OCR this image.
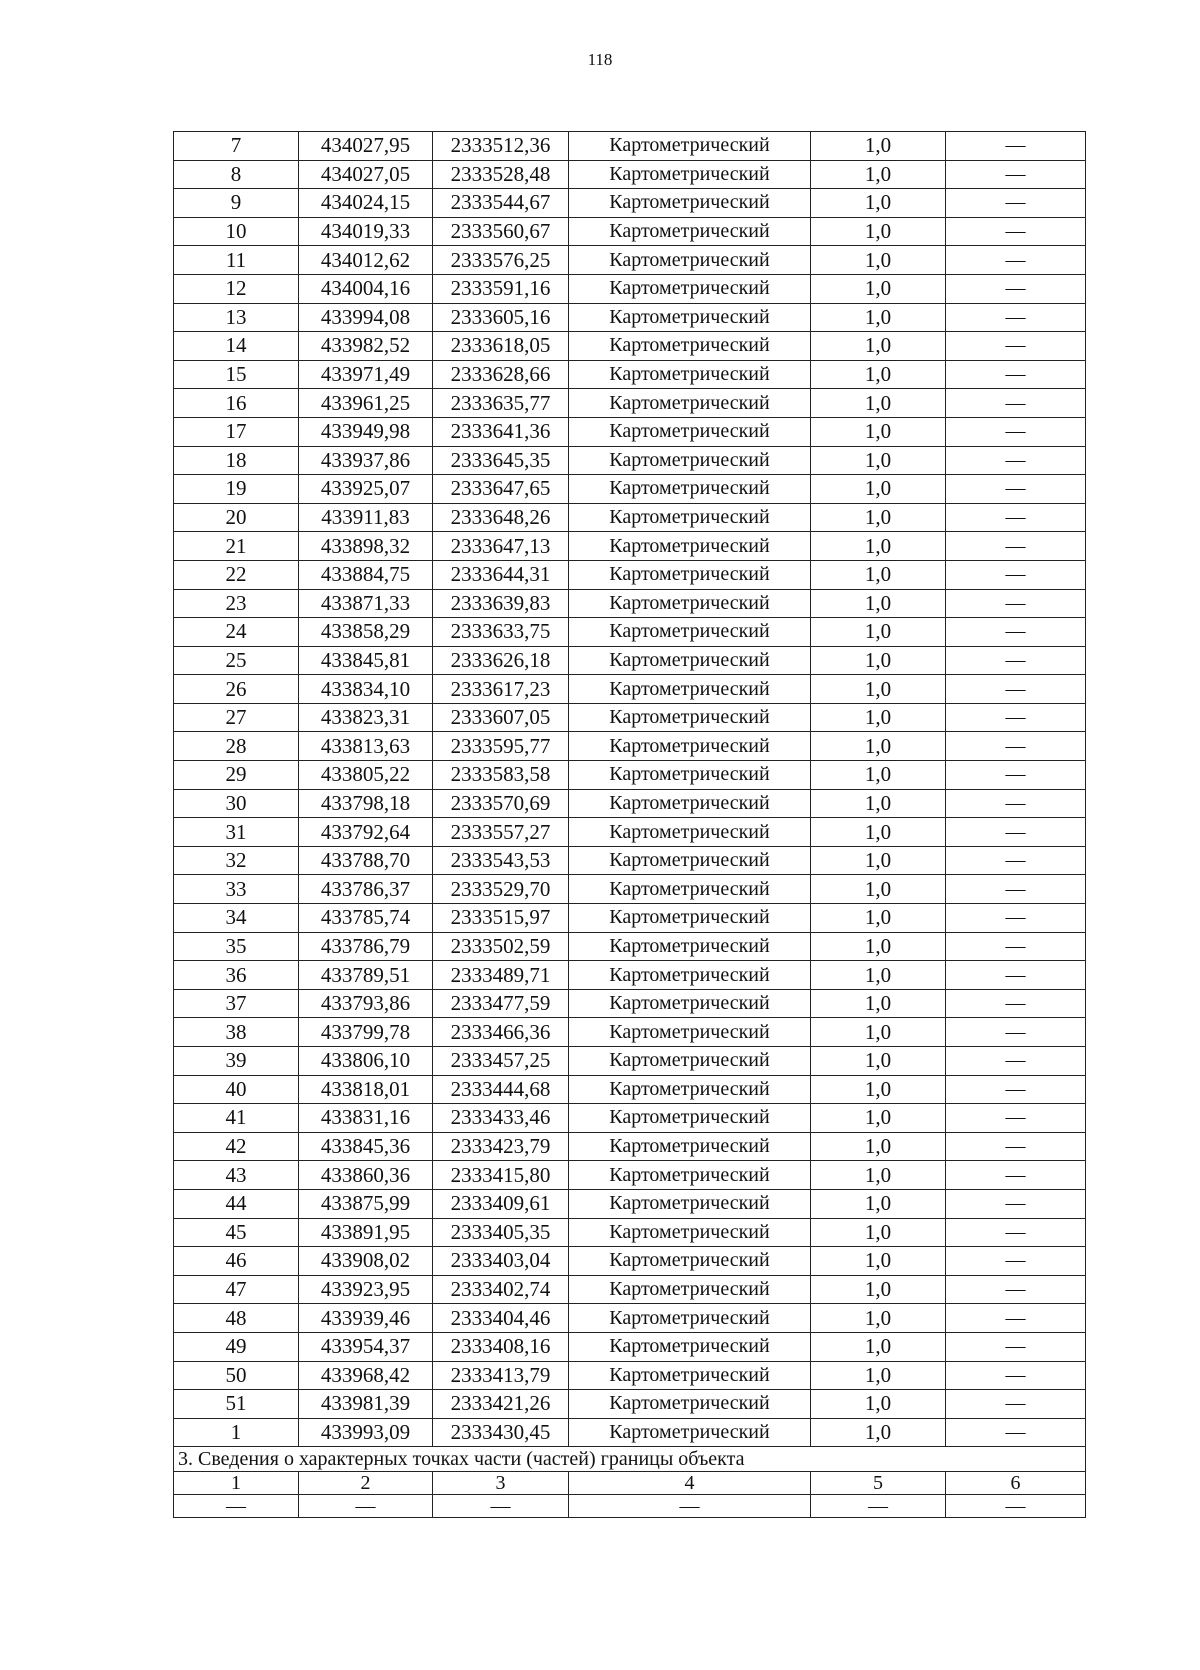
118
7	434027,95	2333512,36	Картометрический	1,0	—
8	434027,05	2333528,48	Картометрический	1,0	—
9	434024,15	2333544,67	Картометрический	1,0	—
10	434019,33	2333560,67	Картометрический	1,0	—
11	434012,62	2333576,25	Картометрический	1,0	—
12	434004,16	2333591,16	Картометрический	1,0	—
13	433994,08	2333605,16	Картометрический	1,0	—
14	433982,52	2333618,05	Картометрический	1,0	—
15	433971,49	2333628,66	Картометрический	1,0	—
16	433961,25	2333635,77	Картометрический	1,0	—
17	433949,98	2333641,36	Картометрический	1,0	—
18	433937,86	2333645,35	Картометрический	1,0	—
19	433925,07	2333647,65	Картометрический	1,0	—
20	433911,83	2333648,26	Картометрический	1,0	—
21	433898,32	2333647,13	Картометрический	1,0	—
22	433884,75	2333644,31	Картометрический	1,0	—
23	433871,33	2333639,83	Картометрический	1,0	—
24	433858,29	2333633,75	Картометрический	1,0	—
25	433845,81	2333626,18	Картометрический	1,0	—
26	433834,10	2333617,23	Картометрический	1,0	—
27	433823,31	2333607,05	Картометрический	1,0	—
28	433813,63	2333595,77	Картометрический	1,0	—
29	433805,22	2333583,58	Картометрический	1,0	—
30	433798,18	2333570,69	Картометрический	1,0	—
31	433792,64	2333557,27	Картометрический	1,0	—
32	433788,70	2333543,53	Картометрический	1,0	—
33	433786,37	2333529,70	Картометрический	1,0	—
34	433785,74	2333515,97	Картометрический	1,0	—
35	433786,79	2333502,59	Картометрический	1,0	—
36	433789,51	2333489,71	Картометрический	1,0	—
37	433793,86	2333477,59	Картометрический	1,0	—
38	433799,78	2333466,36	Картометрический	1,0	—
39	433806,10	2333457,25	Картометрический	1,0	—
40	433818,01	2333444,68	Картометрический	1,0	—
41	433831,16	2333433,46	Картометрический	1,0	—
42	433845,36	2333423,79	Картометрический	1,0	—
43	433860,36	2333415,80	Картометрический	1,0	—
44	433875,99	2333409,61	Картометрический	1,0	—
45	433891,95	2333405,35	Картометрический	1,0	—
46	433908,02	2333403,04	Картометрический	1,0	—
47	433923,95	2333402,74	Картометрический	1,0	—
48	433939,46	2333404,46	Картометрический	1,0	—
49	433954,37	2333408,16	Картометрический	1,0	—
50	433968,42	2333413,79	Картометрический	1,0	—
51	433981,39	2333421,26	Картометрический	1,0	—
1	433993,09	2333430,45	Картометрический	1,0	—
3. Сведения о характерных точках части (частей) границы объекта					
1	2	3	4	5	6
—	—	—	—	—	—
